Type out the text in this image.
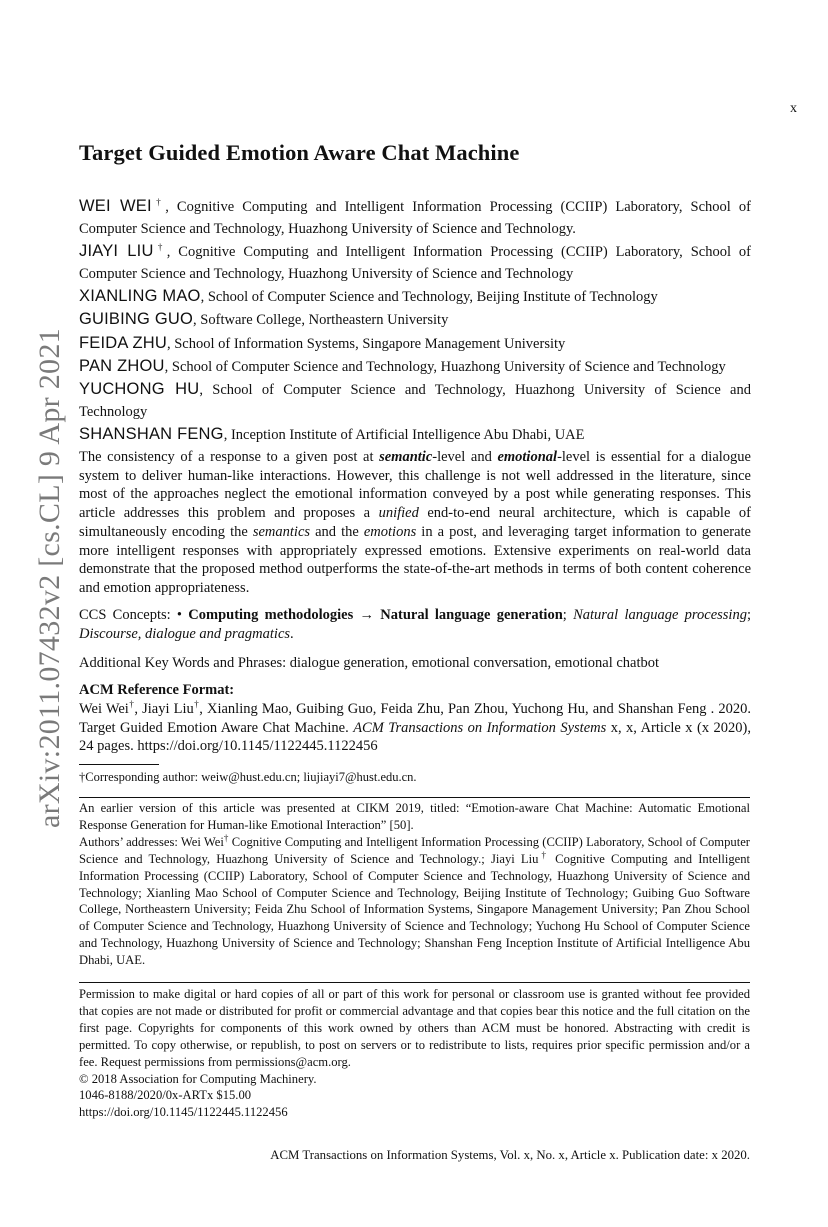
x
arXiv:2011.07432v2 [cs.CL] 9 Apr 2021
Target Guided Emotion Aware Chat Machine
WEI WEI†, Cognitive Computing and Intelligent Information Processing (CCIIP) Laboratory, School of Computer Science and Technology, Huazhong University of Science and Technology.
JIAYI LIU†, Cognitive Computing and Intelligent Information Processing (CCIIP) Laboratory, School of Computer Science and Technology, Huazhong University of Science and Technology
XIANLING MAO, School of Computer Science and Technology, Beijing Institute of Technology
GUIBING GUO, Software College, Northeastern University
FEIDA ZHU, School of Information Systems, Singapore Management University
PAN ZHOU, School of Computer Science and Technology, Huazhong University of Science and Technology
YUCHONG HU, School of Computer Science and Technology, Huazhong University of Science and Technology
SHANSHAN FENG, Inception Institute of Artificial Intelligence Abu Dhabi, UAE
The consistency of a response to a given post at semantic-level and emotional-level is essential for a dialogue system to deliver human-like interactions. However, this challenge is not well addressed in the literature, since most of the approaches neglect the emotional information conveyed by a post while generating responses. This article addresses this problem and proposes a unified end-to-end neural architecture, which is capable of simultaneously encoding the semantics and the emotions in a post, and leveraging target information to generate more intelligent responses with appropriately expressed emotions. Extensive experiments on real-world data demonstrate that the proposed method outperforms the state-of-the-art methods in terms of both content coherence and emotion appropriateness.
CCS Concepts: • Computing methodologies → Natural language generation; Natural language processing; Discourse, dialogue and pragmatics.
Additional Key Words and Phrases: dialogue generation, emotional conversation, emotional chatbot
ACM Reference Format:
Wei Wei†, Jiayi Liu†, Xianling Mao, Guibing Guo, Feida Zhu, Pan Zhou, Yuchong Hu, and Shanshan Feng . 2020. Target Guided Emotion Aware Chat Machine. ACM Transactions on Information Systems x, x, Article x (x 2020), 24 pages. https://doi.org/10.1145/1122445.1122456
†Corresponding author: weiw@hust.edu.cn; liujiayi7@hust.edu.cn.
An earlier version of this article was presented at CIKM 2019, titled: “Emotion-aware Chat Machine: Automatic Emotional Response Generation for Human-like Emotional Interaction” [50].
Authors’ addresses: Wei Wei† Cognitive Computing and Intelligent Information Processing (CCIIP) Laboratory, School of Computer Science and Technology, Huazhong University of Science and Technology.; Jiayi Liu† Cognitive Computing and Intelligent Information Processing (CCIIP) Laboratory, School of Computer Science and Technology, Huazhong University of Science and Technology; Xianling Mao School of Computer Science and Technology, Beijing Institute of Technology; Guibing Guo Software College, Northeastern University; Feida Zhu School of Information Systems, Singapore Management University; Pan Zhou School of Computer Science and Technology, Huazhong University of Science and Technology; Yuchong Hu School of Computer Science and Technology, Huazhong University of Science and Technology; Shanshan Feng Inception Institute of Artificial Intelligence Abu Dhabi, UAE.
Permission to make digital or hard copies of all or part of this work for personal or classroom use is granted without fee provided that copies are not made or distributed for profit or commercial advantage and that copies bear this notice and the full citation on the first page. Copyrights for components of this work owned by others than ACM must be honored. Abstracting with credit is permitted. To copy otherwise, or republish, to post on servers or to redistribute to lists, requires prior specific permission and/or a fee. Request permissions from permissions@acm.org.
© 2018 Association for Computing Machinery.
1046-8188/2020/0x-ARTx $15.00
https://doi.org/10.1145/1122445.1122456
ACM Transactions on Information Systems, Vol. x, No. x, Article x. Publication date: x 2020.
